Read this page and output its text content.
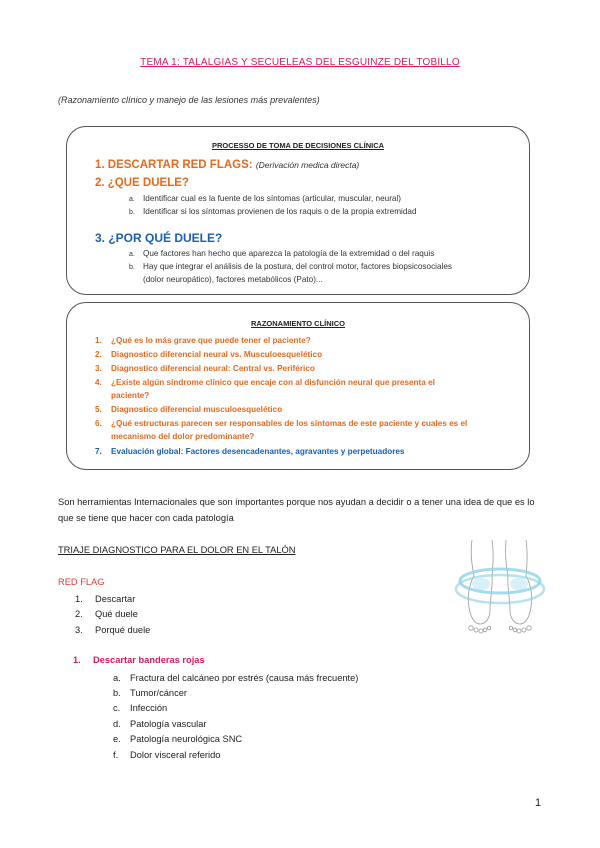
TEMA 1: TALALGIAS Y SECUELEAS DEL ESGUINZE DEL TOBILLO
(Razonamiento clínico y manejo de las lesiones más prevalentes)
PROCESSO DE TOMA DE DECISIONES CLÍNICA
1. DESCARTAR RED FLAGS: (Derivación medica directa)
2. ¿QUE DUELE?
a. Identificar cual es la fuente de los síntomas (articular, muscular, neural)
b. Identificar si los síntomas provienen de los raquis o de la propia extremidad
3. ¿POR QUÉ DUELE?
a. Que factores han hecho que aparezca la patología de la extremidad o del raquis
b. Hay que integrar el análisis de la postura, del control motor, factores biopsicosociales
(dolor neuropático), factores metabólicos (Pato)...
RAZONAMIENTO CLÍNICO
1. ¿Qué es lo más grave que puede tener el paciente?
2. Diagnostico diferencial neural vs. Musculoesquelético
3. Diagnostico diferencial neural: Central vs. Periférico
4. ¿Existe algún síndrome clínico que encaje con al disfunción neural que presenta el
paciente?
5. Diagnostico diferencial musculoesquelético
6. ¿Qué estructuras parecen ser responsables de los síntomas de este paciente y cuales es el
mecanismo del dolor predominante?
7. Evaluación global: Factores desencadenantes, agravantes y perpetuadores
Son herramientas Internacionales que son importantes porque nos ayudan a decidir o a tener una idea de que es lo que se tiene que hacer con cada patología
TRIAJE DIAGNOSTICO PARA EL DOLOR EN EL TALÓN
RED FLAG
1. Descartar
2. Qué duele
3. Porqué duele
1. Descartar banderas rojas
a. Fractura del calcáneo por estrés (causa más frecuente)
b. Tumor/cáncer
c. Infección
d. Patología vascular
e. Patología neurológica SNC
f. Dolor visceral referido
1
